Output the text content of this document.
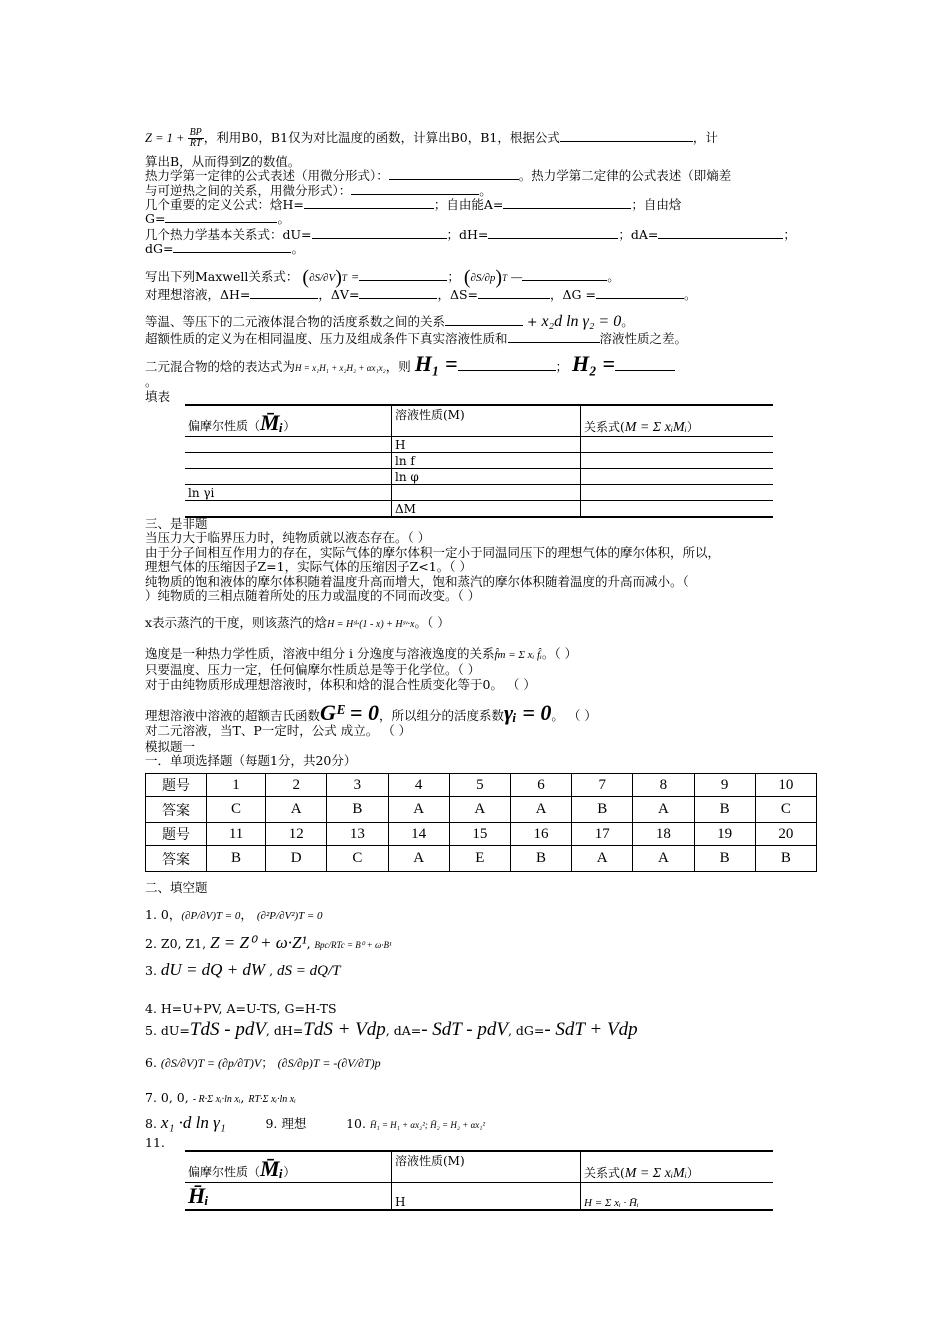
$Z = 1 + \frac{BP}{RT}$ ，利用B0，B1仅为对比温度的函数，计算出B0，B1，根据公式	，计
算出B，从而得到Z的数值。
热力学第一定律的公式表述（用微分形式）：	。热力学第二定律的公式表述（即熵差
与可逆热之间的关系，用微分形式）：	。
几个重要的定义公式：焓H=	；自由能A=	；自由焓
G=	。
几个热力学基本关系式：dU=	；dH=	；dA=	；
dG=	。
写出下列Maxwell关系式： (∂S/∂V)T =	； (∂S/∂p)T —	。
对理想溶液，ΔH=	，ΔV=	，ΔS=	，ΔG =	。
等温、等压下的二元液体混合物的活度系数之间的关系	+ x₂d ln γ₂ = 0。
超额性质的定义为在相同温度、压力及组成条件下真实溶液性质和	溶液性质之差。
二元混合物的焓的表达式为H = x₁H₁ + x₂H₂ + αx₁x₂，则 H₁ =	； H₂ =
。
填表
偏摩尔性质（M̄ᵢ）	溶液性质(M)	关系式(M = Σ xᵢMᵢ）
	H	
	ln f	
	ln φ	
ln γi		
	ΔM	
三、是非题
当压力大于临界压力时，纯物质就以液态存在。（ ）
由于分子间相互作用力的存在，实际气体的摩尔体积一定小于同温同压下的理想气体的摩尔体积，所以，
理想气体的压缩因子Z=1，实际气体的压缩因子Z<1。（ ）
纯物质的饱和液体的摩尔体积随着温度升高而增大，饱和蒸汽的摩尔体积随着温度的升高而减小。（
）纯物质的三相点随着所处的压力或温度的不同而改变。（ ）
x表示蒸汽的干度，则该蒸汽的焓H = Hˢˡ·(1 - x) + Hˢᵛ·x。（ ）
逸度是一种热力学性质，溶液中组分 i 分逸度与溶液逸度的关系f̂m = Σ xᵢ f̂ᵢ。（ ）
只要温度、压力一定，任何偏摩尔性质总是等于化学位。（ ）
对于由纯物质形成理想溶液时，体积和焓的混合性质变化等于0。 （ ）
理想溶液中溶液的超额吉氏函数Gᴱ = 0，所以组分的活度系数γᵢ = 0。 （ ）
对二元溶液，当T、P一定时，公式 成立。 （ ）
模拟题一
一．单项选择题（每题1分，共20分）
题号	1	2	3	4	5	6	7	8	9	10
答案	C	A	B	A	A	A	B	A	B	C
题号	11	12	13	14	15	16	17	18	19	20
答案	B	D	C	A	E	B	A	A	B	B
二、填空题
1. 0，(∂P/∂V)T = 0， (∂²P/∂V²)T = 0
2. Z0, Z1, Z = Z⁰ + ω·Z¹, Bpc/RTc = B⁰ + ω·B¹
3. dU = dQ + dW , dS = dQ/T
4. H=U+PV, A=U-TS, G=H-TS
5. dU=TdS - pdV, dH=TdS + Vdp, dA=- SdT - pdV, dG=- SdT + Vdp
6. (∂S/∂V)T = (∂p/∂T)V； (∂S/∂p)T = -(∂V/∂T)p
7. 0, 0, - R·Σ xᵢ·ln xᵢ, RT·Σ xᵢ·ln xᵢ
8. x₁ ·d ln γ₁	9. 理想	10. H̄₁ = H₁ + αx₂²; H̄₂ = H₂ + αx₁²
11.
偏摩尔性质（M̄ᵢ）	溶液性质(M)	关系式(M = Σ xᵢMᵢ）
H̄ᵢ	H	H = Σ xᵢ · H̄ᵢ
